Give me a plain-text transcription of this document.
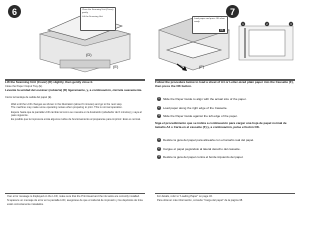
6
(D)
(E)
Close the Scanning Unit (Cover) gently.
Lift the Scanning Unit
Lift the Scanning Unit (Cover) (D) slightly, then gently close it.
Close the Paper Output Tray (E).
Levante la unidad del escáner (cubierta) (D) ligeramente, y, a continuación, ciérrela suavemente.
Cierre la bandeja de salida del papel (E).
Wait until the LCD changes as shown in the illustration (about 6 minutes) and go to the next step.
The machine may make some operating noises when preparing to print. This is normal operation.
Espere hasta que la pantalla LCD cambie tal como se muestra en la ilustración (alrededor de 6 minutos) y vaya al paso siguiente.
Es posible que la impresora emita algunos ruidos de funcionamiento al prepararse para imprimir. Esto es normal.
If an error message is displayed on the LCD, make sure that the Print Head and the ink tanks are correctly installed.
Si aparece un mensaje de error en la pantalla LCD, asegúrese de que el cabezal de impresión y los depósitos de tinta están correctamente instalados.
7
(F)
Load paper and press OK when ready.
OK
1	2	3
Follow the procedure below to load a sheet of A4 or Letter-sized plain paper into the Cassette (F), then press the OK button.
1 Slide the Paper Guide to align with the actual size of the paper.
2 Load paper along the right edge of the Cassette.
3 Slide the Paper Guide against the left edge of the paper.
Siga el procedimiento que se indica a continuación para cargar una hoja de papel normal de tamaño A4 o Carta en el cassette (F) y, a continuación, pulse el botón OK.
1 Deslice la guía del papel para alinearla con el tamaño real del papel.
2 Cargue el papel pegándolo al lateral derecho del cassette.
3 Deslice la guía del papel contra el borde izquierdo del papel.
For details, refer to "Loading Paper" on page 32.
Para obtener más información, consulte "Carga del papel" de la página 38.
